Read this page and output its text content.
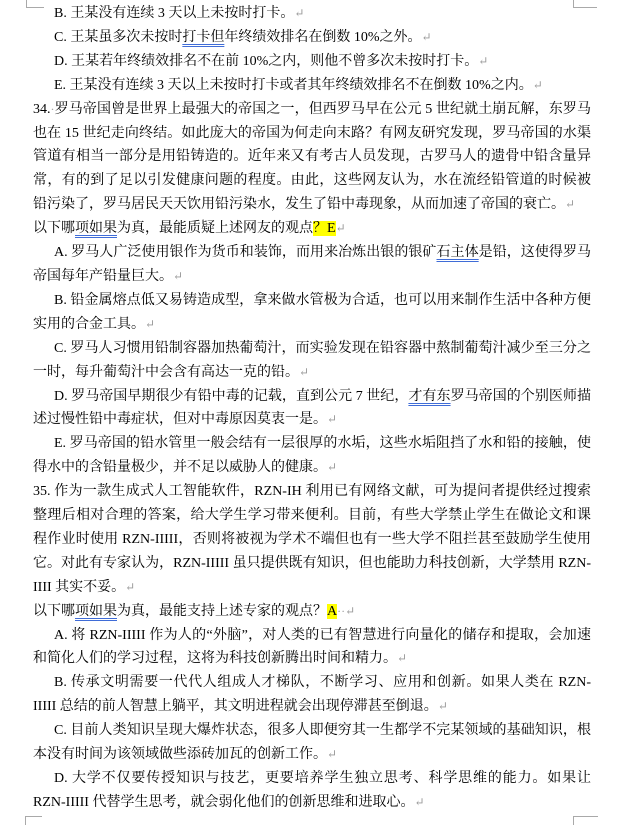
B. 王某没有连续 3 天以上未按时打卡。↵

C. 王某虽多次未按时打卡但年终绩效排名在倒数 10%之外。↵

D. 王某若年终绩效排名不在前 10%之内，则他不曾多次未按时打卡。↵

E. 王某没有连续 3 天以上未按时打卡或者其年终绩效排名不在倒数 10%之内。↵

34.·罗马帝国曾是世界上最强大的帝国之一，但西罗马早在公元 5 世纪就土崩瓦解，东罗马也在 15 世纪走向终结。如此庞大的帝国为何走向末路？有网友研究发现，罗马帝国的水渠管道有相当一部分是用铅铸造的。近年来又有考古人员发现，古罗马人的遗骨中铅含量异常，有的到了足以引发健康问题的程度。由此，这些网友认为，水在流经铅管道的时候被铅污染了，罗马居民天天饮用铅污染水，发生了铅中毒现象，从而加速了帝国的衰亡。↵

以下哪项如果为真，最能质疑上述网友的观点？E↵

A. 罗马人广泛使用银作为货币和装饰，而用来冶炼出银的银矿石主体是铅，这使得罗马帝国每年产铅量巨大。↵

B. 铅金属熔点低又易铸造成型，拿来做水管极为合适，也可以用来制作生活中各种方便实用的合金工具。↵

C. 罗马人习惯用铅制容器加热葡萄汁，而实验发现在铅容器中熬制葡萄汁减少至三分之一时，每升葡萄汁中会含有高达一克的铅。↵

D. 罗马帝国早期很少有铅中毒的记载，直到公元 7 世纪，才有东罗马帝国的个别医师描述过慢性铅中毒症状，但对中毒原因莫衷一是。↵

E. 罗马帝国的铅水管里一般会结有一层很厚的水垢，这些水垢阻挡了水和铅的接触，使得水中的含铅量极少，并不足以威胁人的健康。↵

35. 作为一款生成式人工智能软件，RZN-IH 利用已有网络文献，可为提问者提供经过搜索整理后相对合理的答案，给大学生学习带来便利。目前，有些大学禁止学生在做论文和课程作业时使用 RZN-IIIII，否则将被视为学术不端但也有一些大学不阻拦甚至鼓励学生使用它。对此有专家认为，RZN-IIIII 虽只提供既有知识，但也能助力科技创新，大学禁用 RZN-IIII 其实不妥。↵

以下哪项如果为真，最能支持上述专家的观点？A··↵

A. 将 RZN-IIIII 作为人的“外脑”，对人类的已有智慧进行向量化的储存和提取，会加速和简化人们的学习过程，这将为科技创新腾出时间和精力。↵

B. 传承文明需要一代代人组成人才梯队，不断学习、应用和创新。如果人类在 RZN-IIIII 总结的前人智慧上躺平，其文明进程就会出现停滞甚至倒退。↵

C. 目前人类知识呈现大爆炸状态，很多人即便穷其一生都学不完某领域的基础知识，根本没有时间为该领域做些添砖加瓦的创新工作。↵

D. 大学不仅要传授知识与技艺，更要培养学生独立思考、科学思维的能力。如果让 RZN-IIIII 代替学生思考，就会弱化他们的创新思维和进取心。↵
